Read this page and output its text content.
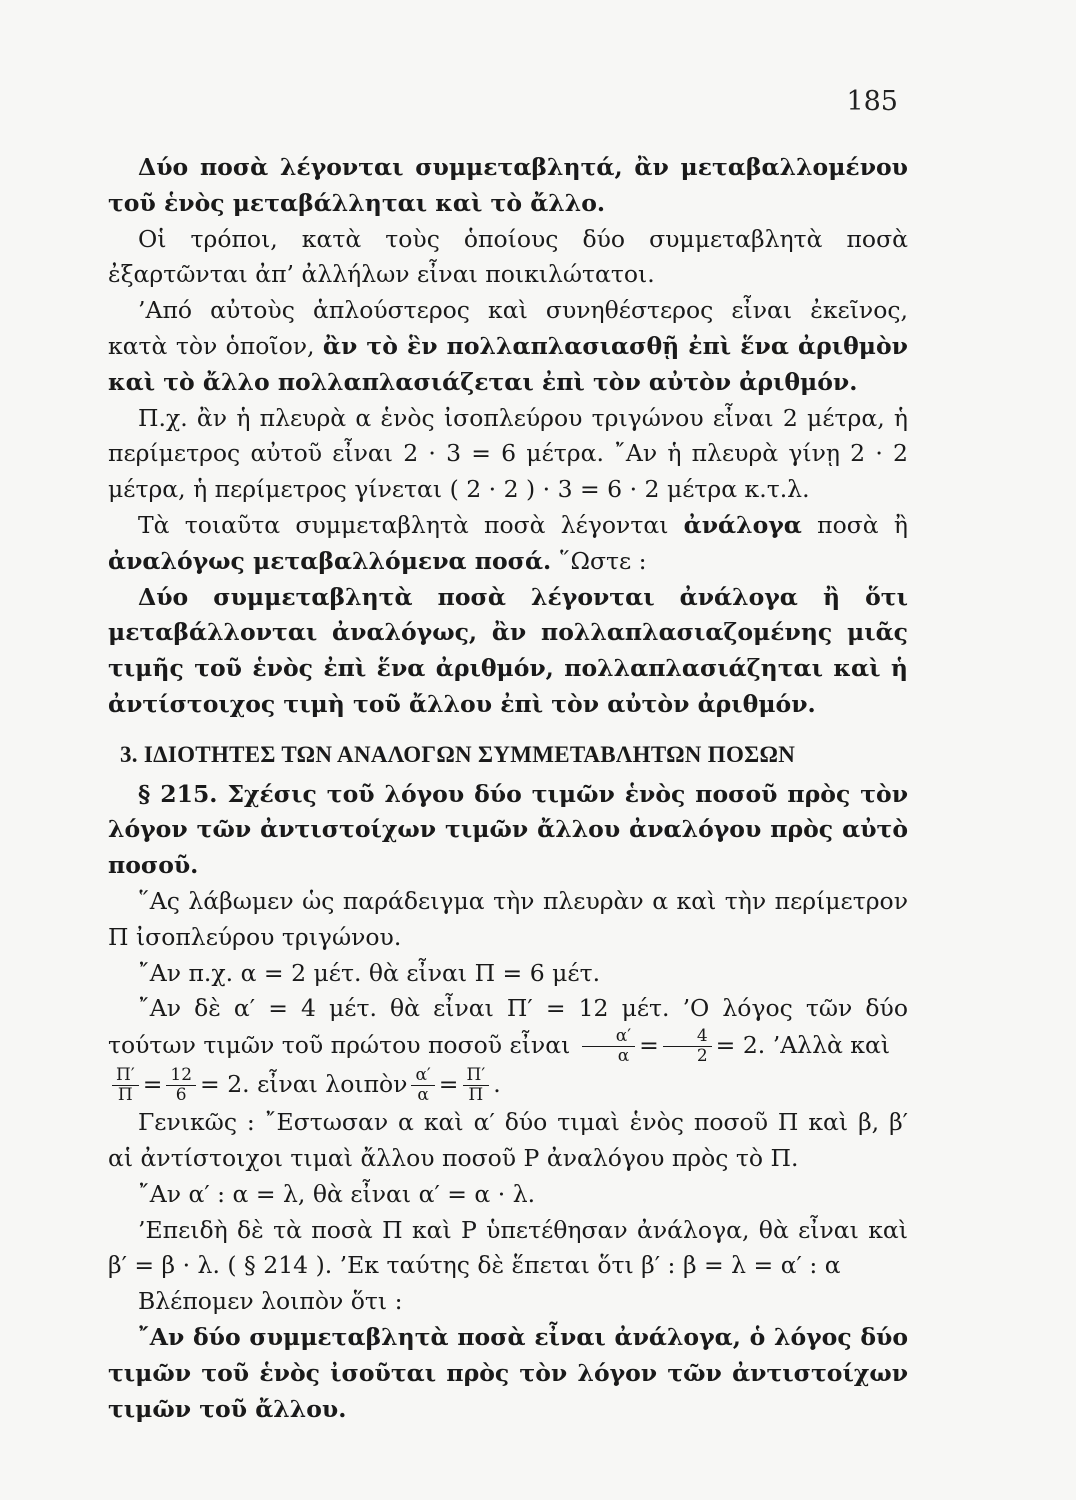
185

Δύο ποσὰ λέγονται συμμεταβλητά, ἂν μεταβαλλομένου τοῦ ἑνὸς μεταβάλληται καὶ τὸ ἄλλο.

Οἱ τρόποι, κατὰ τοὺς ὁποίους δύο συμμεταβλητὰ ποσὰ ἐξαρτῶνται ἀπ’ ἀλλήλων εἶναι ποικιλώτατοι.

’Από αὐτοὺς ἁπλούστερος καὶ συνηθέστερος εἶναι ἐκεῖνος, κατὰ τὸν ὁποῖον, ἂν τὸ ἓν πολλαπλασιασθῇ ἐπὶ ἕνα ἀριθμὸν καὶ τὸ ἄλλο πολλαπλασιάζεται ἐπὶ τὸν αὐτὸν ἀριθμόν.

Π.χ. ἂν ἡ πλευρὰ α ἑνὸς ἰσοπλεύρου τριγώνου εἶναι 2 μέτρα, ἡ περίμετρος αὐτοῦ εἶναι 2 · 3 = 6 μέτρα. ῎Αν ἡ πλευρὰ γίνῃ 2 · 2 μέτρα, ἡ περίμετρος γίνεται ( 2 · 2 ) · 3 = 6 · 2 μέτρα κ.τ.λ.

Τὰ τοιαῦτα συμμεταβλητὰ ποσὰ λέγονται ἀνάλογα ποσὰ ἢ ἀναλόγως μεταβαλλόμενα ποσά. ῞Ωστε :

Δύο συμμεταβλητὰ ποσὰ λέγονται ἀνάλογα ἢ ὅτι μεταβάλλονται ἀναλόγως, ἂν πολλαπλασιαζομένης μιᾶς τιμῆς τοῦ ἑνὸς ἐπὶ ἕνα ἀριθμόν, πολλαπλασιάζηται καὶ ἡ ἀντίστοιχος τιμὴ τοῦ ἄλλου ἐπὶ τὸν αὐτὸν ἀριθμόν.

3. ΙΔΙΟΤΗΤΕΣ ΤΩΝ ΑΝΑΛΟΓΩΝ ΣΥΜΜΕΤΑΒΛΗΤΩΝ ΠΟΣΩΝ

§ 215. Σχέσις τοῦ λόγου δύο τιμῶν ἑνὸς ποσοῦ πρὸς τὸν λόγον τῶν ἀντιστοίχων τιμῶν ἄλλου ἀναλόγου πρὸς αὐτὸ ποσοῦ.

῞Ας λάβωμεν ὡς παράδειγμα τὴν πλευρὰν α καὶ τὴν περίμετρον Π ἰσοπλεύρου τριγώνου.

῎Αν π.χ. α = 2 μέτ. θὰ εἶναι Π = 6 μέτ.

῎Αν δὲ α′ = 4 μέτ. θὰ εἶναι Π′ = 12 μέτ. ’Ο λόγος τῶν δύο τούτων τιμῶν τοῦ πρώτου ποσοῦ εἶναι $\frac{\alpha'}{\alpha} = \frac{4}{2} = 2$. ’Αλλὰ καὶ

$\frac{\Pi'}{\Pi} = \frac{12}{6} = 2$. εἶναι λοιπὸν $\frac{\alpha'}{\alpha} = \frac{\Pi'}{\Pi}$ .

Γενικῶς : ῎Εστωσαν α καὶ α′ δύο τιμαὶ ἑνὸς ποσοῦ Π καὶ β, β′ αἱ ἀντίστοιχοι τιμαὶ ἄλλου ποσοῦ Ρ ἀναλόγου πρὸς τὸ Π.

῎Αν α′ : α = λ, θὰ εἶναι α′ = α · λ.

’Επειδὴ δὲ τὰ ποσὰ Π καὶ Ρ ὑπετέθησαν ἀνάλογα, θὰ εἶναι καὶ β′ = β · λ. ( § 214 ). ’Εκ ταύτης δὲ ἕπεται ὅτι β′ : β = λ = α′ : α

Βλέπομεν λοιπὸν ὅτι :

῎Αν δύο συμμεταβλητὰ ποσὰ εἶναι ἀνάλογα, ὁ λόγος δύο τιμῶν τοῦ ἑνὸς ἰσοῦται πρὸς τὸν λόγον τῶν ἀντιστοίχων τιμῶν τοῦ ἄλλου.
